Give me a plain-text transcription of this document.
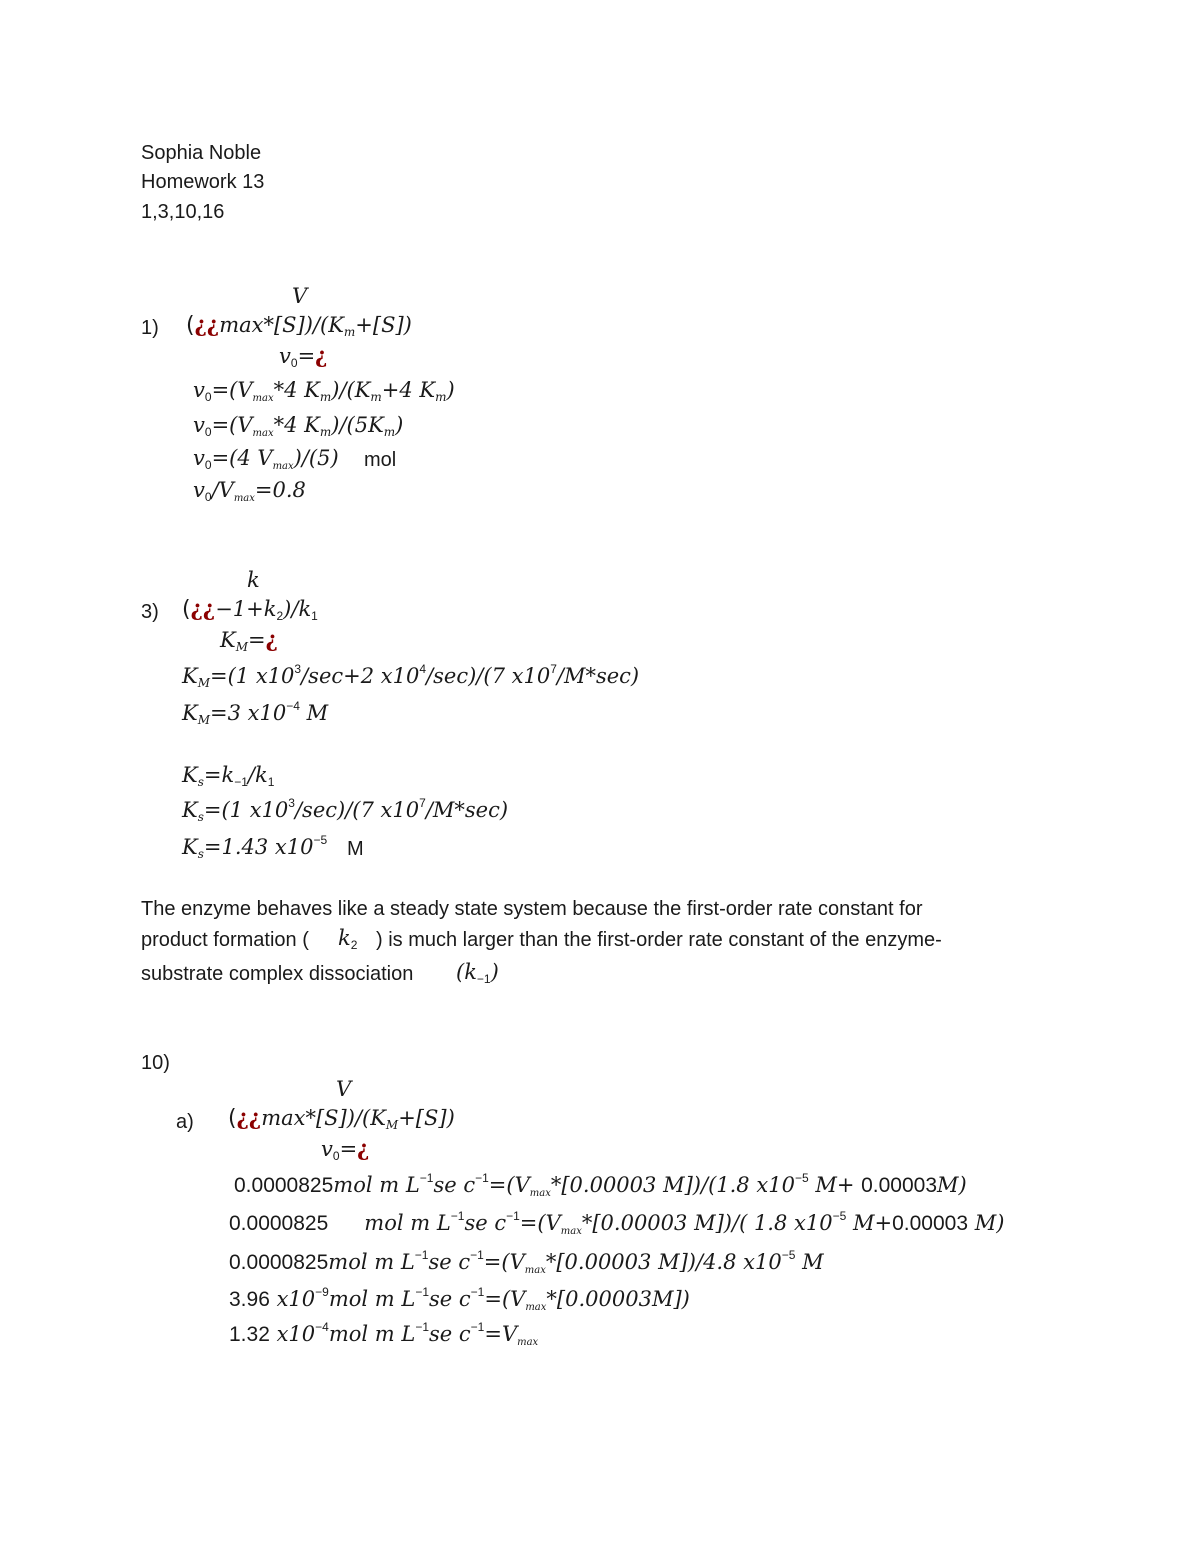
Sophia Noble
Homework 13
1,3,10,16
V
1) $(¿¿\max*[S])/(K_m+[S])$
$v_0=¿$
$v_0=(V_{max}*4$ $K_m)/(K_m+4$ $K_m$)
$v_0=(V_{max}*4$ $K_m)/(5K_m)$
$v_0=(4$ $V_{max})/(5)$ mol
$v_0/V_{max}=0.8$
k
3) $(¿¿-1+k_2)/k_1$
$K_M=¿$
$K_M=(1$ $x10^3/\sec+2$ $x10^4/\sec)/(7$ $x10^7/M*\sec$)
$K_M=3$ $x10^{-4}$ M
$K_s=k_{-1}/k_1$
$K_s=(1$ $x10^3/\sec)/(7$ $x10^7/M*\sec$)
$K_s=1.43$ $x10^{-5}$ M
The enzyme behaves like a steady state system because the first-order rate constant for
product formation ( $k_2$ ) is much larger than the first-order rate constant of the enzyme-
substrate complex dissociation $(k_{-1})$
10)
V
a) $(¿¿\max*[S])/(K_M+[S])$
$v_0=¿$
0.0000825mol m $L^{-1}se$ $c^{-1}=(V_{max}*[0.00003$ M])/(1.8 $x10^{-5}$ M+ 0.00003M)
0.0000825 mol m $L^{-1}se$ $c^{-1}=(V_{max}*[0.00003$ M])/( 1.8 $x10^{-5}$ M+0.00003 M)
0.0000825mol m $L^{-1}se$ $c^{-1}=(V_{max}*[0.00003$ M])/4.8 $x10^{-5}$ M
3.96 $x10^{-9}mol$ m $L^{-1}se$ $c^{-1}=(V_{max}*[0.00003M])$
1.32 $x10^{-4}mol$ m $L^{-1}se$ $c^{-1}=V_{max}$
